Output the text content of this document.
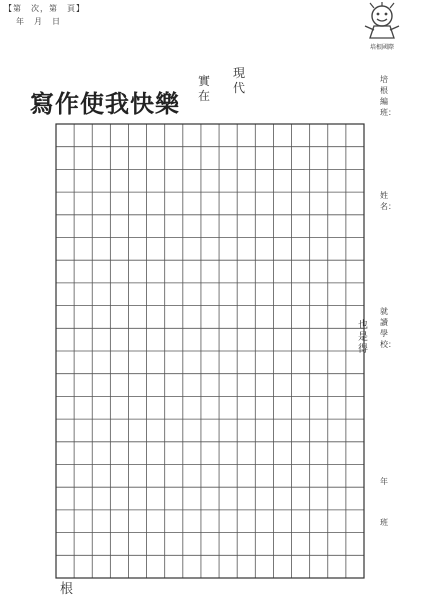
【第　次，第　頁】
年　月　日
培根國際
寫作使我快樂
現代
實在
培根編班：
姓名：
就讀學校：
年
班
也是得
根
